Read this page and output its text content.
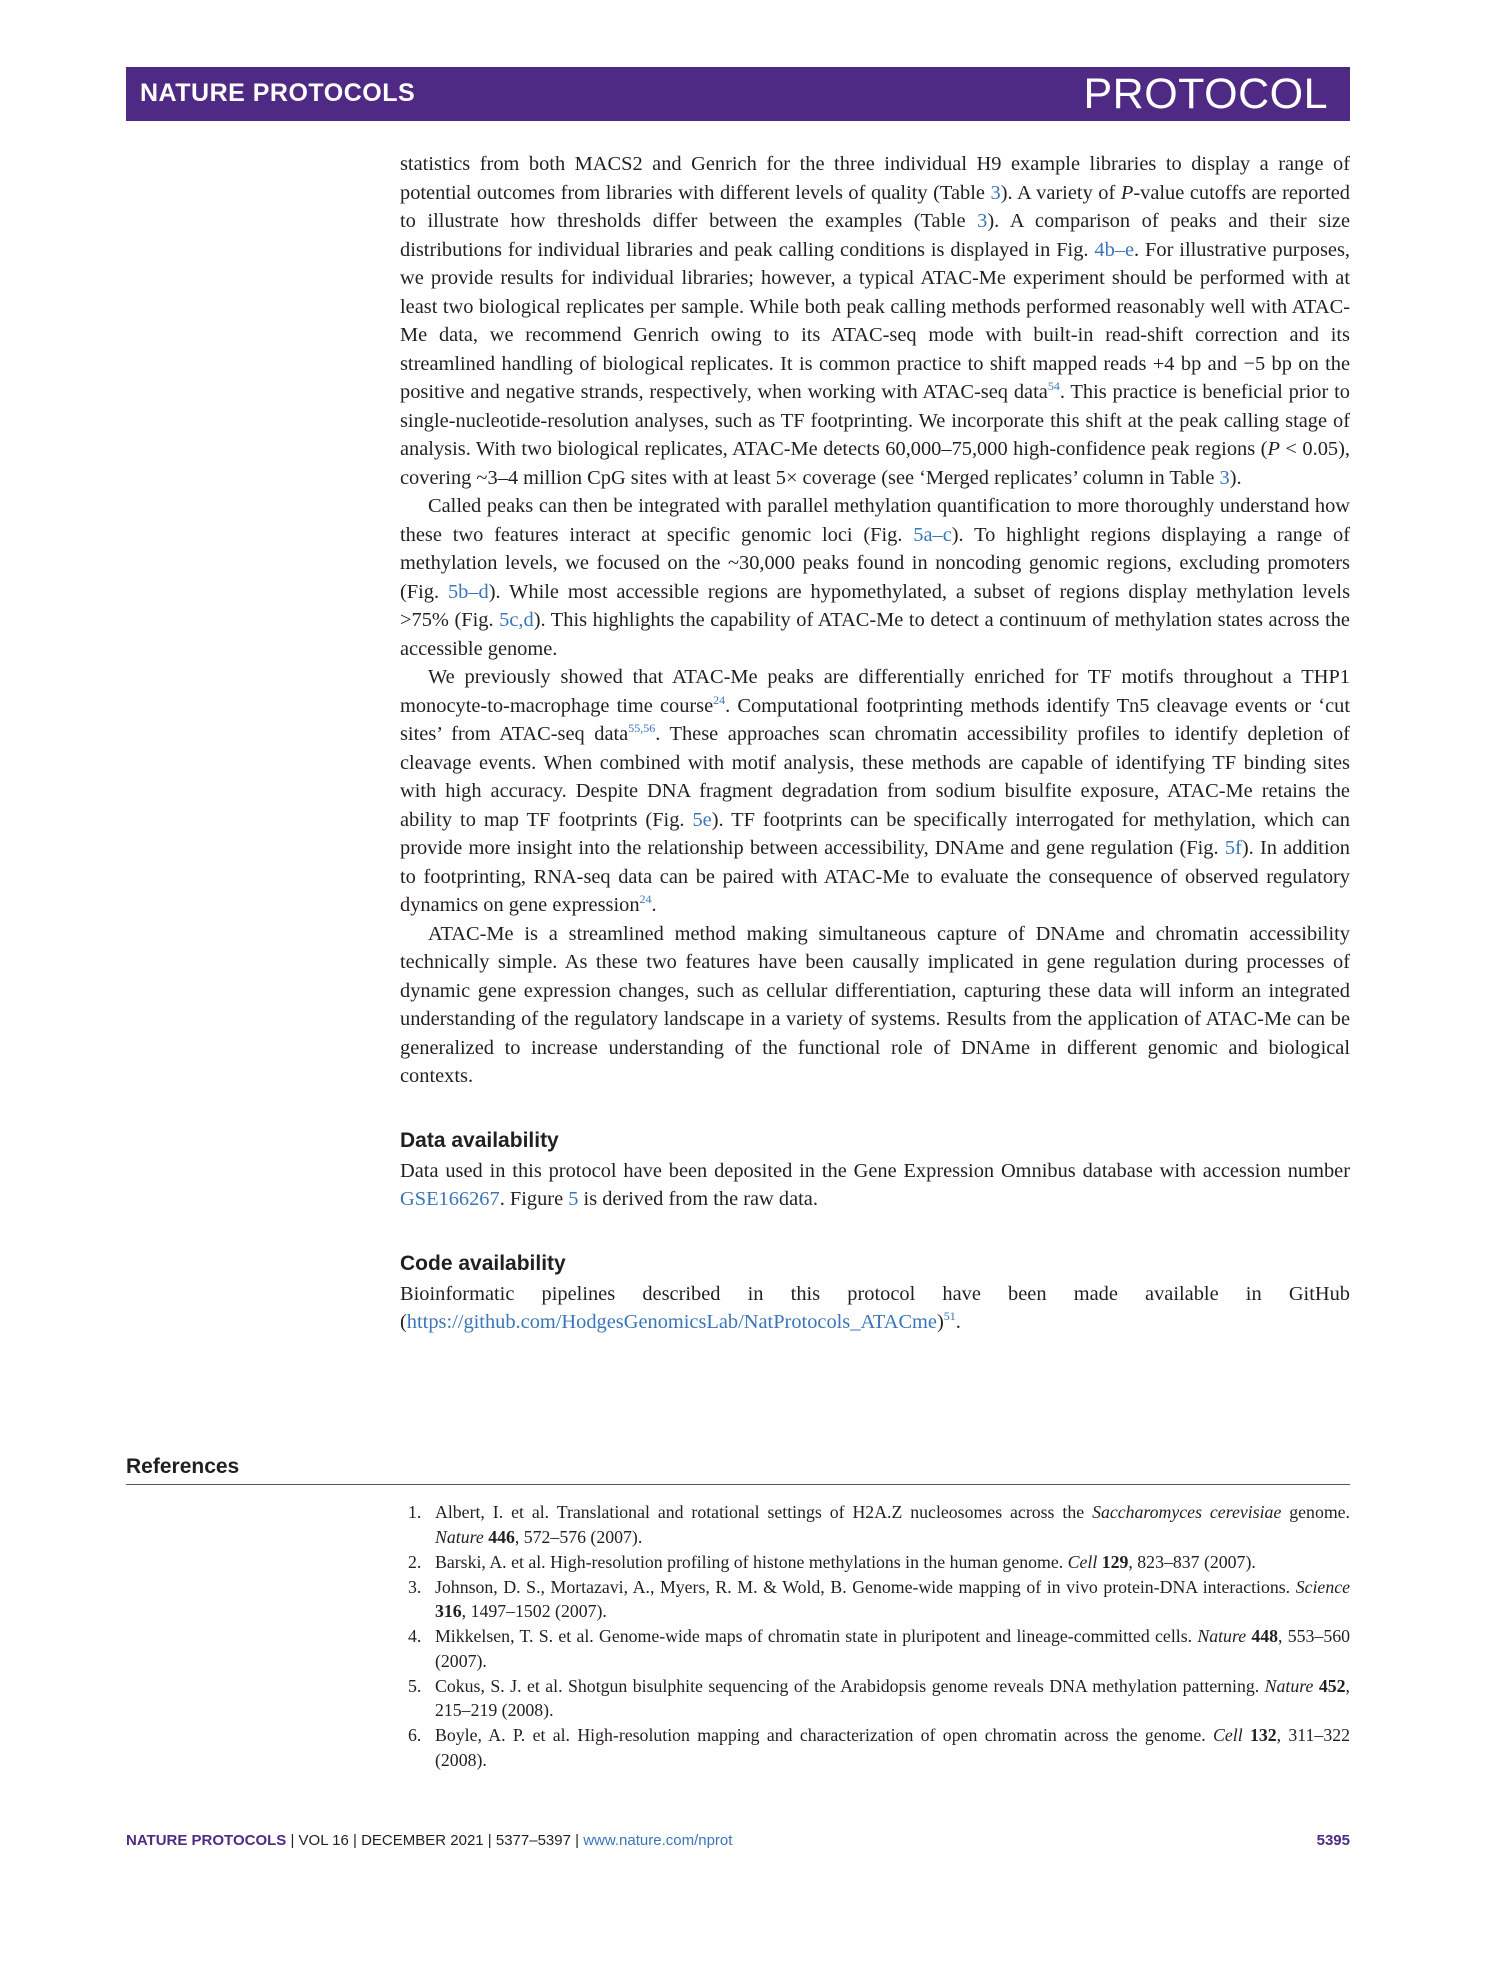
NATURE PROTOCOLS	PROTOCOL

statistics from both MACS2 and Genrich for the three individual H9 example libraries to display a range of potential outcomes from libraries with different levels of quality (Table 3). A variety of P-value cutoffs are reported to illustrate how thresholds differ between the examples (Table 3). A comparison of peaks and their size distributions for individual libraries and peak calling conditions is displayed in Fig. 4b–e. For illustrative purposes, we provide results for individual libraries; however, a typical ATAC-Me experiment should be performed with at least two biological replicates per sample. While both peak calling methods performed reasonably well with ATAC-Me data, we recommend Genrich owing to its ATAC-seq mode with built-in read-shift correction and its streamlined handling of biological replicates. It is common practice to shift mapped reads +4 bp and −5 bp on the positive and negative strands, respectively, when working with ATAC-seq data$^{54}$. This practice is beneficial prior to single-nucleotide-resolution analyses, such as TF footprinting. We incorporate this shift at the peak calling stage of analysis. With two biological replicates, ATAC-Me detects 60,000–75,000 high-confidence peak regions (P < 0.05), covering ~3–4 million CpG sites with at least 5× coverage (see ‘Merged replicates’ column in Table 3).

Called peaks can then be integrated with parallel methylation quantification to more thoroughly understand how these two features interact at specific genomic loci (Fig. 5a–c). To highlight regions displaying a range of methylation levels, we focused on the ~30,000 peaks found in noncoding genomic regions, excluding promoters (Fig. 5b–d). While most accessible regions are hypomethylated, a subset of regions display methylation levels >75% (Fig. 5c,d). This highlights the capability of ATAC-Me to detect a continuum of methylation states across the accessible genome.

We previously showed that ATAC-Me peaks are differentially enriched for TF motifs throughout a THP1 monocyte-to-macrophage time course$^{24}$. Computational footprinting methods identify Tn5 cleavage events or ‘cut sites’ from ATAC-seq data$^{55,56}$. These approaches scan chromatin accessibility profiles to identify depletion of cleavage events. When combined with motif analysis, these methods are capable of identifying TF binding sites with high accuracy. Despite DNA fragment degradation from sodium bisulfite exposure, ATAC-Me retains the ability to map TF footprints (Fig. 5e). TF footprints can be specifically interrogated for methylation, which can provide more insight into the relationship between accessibility, DNAme and gene regulation (Fig. 5f). In addition to footprinting, RNA-seq data can be paired with ATAC-Me to evaluate the consequence of observed regulatory dynamics on gene expression$^{24}$.

ATAC-Me is a streamlined method making simultaneous capture of DNAme and chromatin accessibility technically simple. As these two features have been causally implicated in gene regulation during processes of dynamic gene expression changes, such as cellular differentiation, capturing these data will inform an integrated understanding of the regulatory landscape in a variety of systems. Results from the application of ATAC-Me can be generalized to increase understanding of the functional role of DNAme in different genomic and biological contexts.

Data availability

Data used in this protocol have been deposited in the Gene Expression Omnibus database with accession number GSE166267. Figure 5 is derived from the raw data.

Code availability

Bioinformatic pipelines described in this protocol have been made available in GitHub (https://github.com/HodgesGenomicsLab/NatProtocols_ATACme)$^{51}$.

References
1. Albert, I. et al. Translational and rotational settings of H2A.Z nucleosomes across the Saccharomyces cerevisiae genome. Nature 446, 572–576 (2007).
2. Barski, A. et al. High-resolution profiling of histone methylations in the human genome. Cell 129, 823–837 (2007).
3. Johnson, D. S., Mortazavi, A., Myers, R. M. & Wold, B. Genome-wide mapping of in vivo protein-DNA interactions. Science 316, 1497–1502 (2007).
4. Mikkelsen, T. S. et al. Genome-wide maps of chromatin state in pluripotent and lineage-committed cells. Nature 448, 553–560 (2007).
5. Cokus, S. J. et al. Shotgun bisulphite sequencing of the Arabidopsis genome reveals DNA methylation patterning. Nature 452, 215–219 (2008).
6. Boyle, A. P. et al. High-resolution mapping and characterization of open chromatin across the genome. Cell 132, 311–322 (2008).
NATURE PROTOCOLS | VOL 16 | DECEMBER 2021 | 5377–5397 | www.nature.com/nprot	5395
